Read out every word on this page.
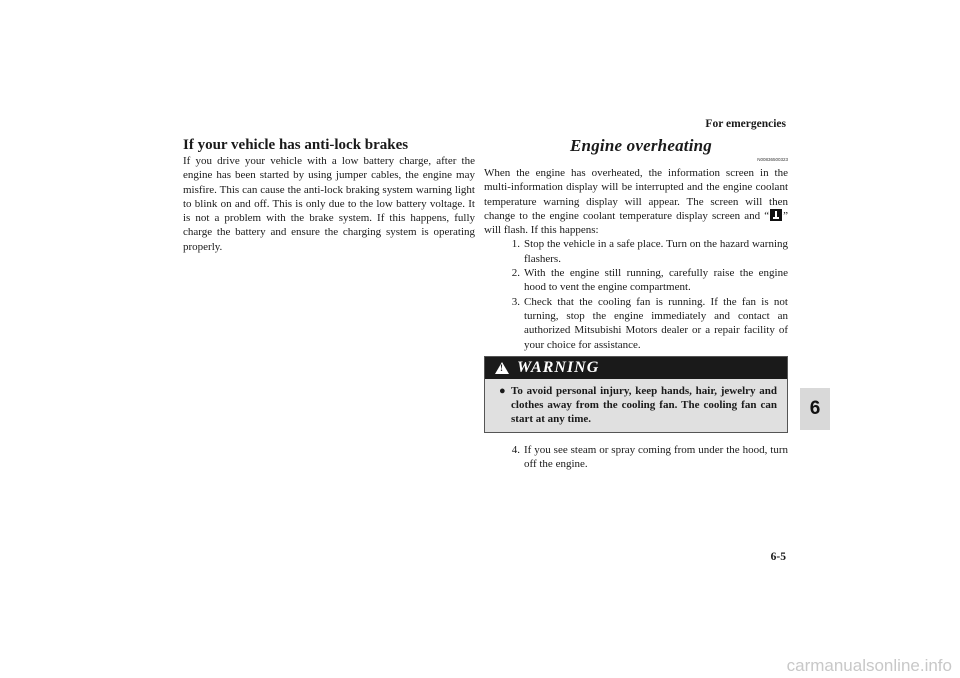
For emergencies
6
If your vehicle has anti-lock brakes

If you drive your vehicle with a low battery charge, after the engine has been started by using jumper cables, the engine may misfire. This can cause the anti-lock braking system warning light to blink on and off. This is only due to the low battery voltage. It is not a problem with the brake system. If this happens, fully charge the battery and ensure the charging system is operating properly.

Engine overheating
N00836500323

When the engine has overheated, the information screen in the multi-information display will be interrupted and the engine coolant temperature warning display will appear. The screen will then change to the engine coolant temperature display screen and “ ” will flash. If this happens:

1. Stop the vehicle in a safe place. Turn on the hazard warning flashers.
2. With the engine still running, carefully raise the engine hood to vent the engine compartment.
3. Check that the cooling fan is running. If the fan is not turning, stop the engine immediately and contact an authorized Mitsubishi Motors dealer or a repair facility of your choice for assistance.
!
WARNING
● To avoid personal injury, keep hands, hair, jewelry and clothes away from the cooling fan. The cooling fan can start at any time.
4. If you see steam or spray coming from under the hood, turn off the engine.
6-5
carmanualsonline.info
